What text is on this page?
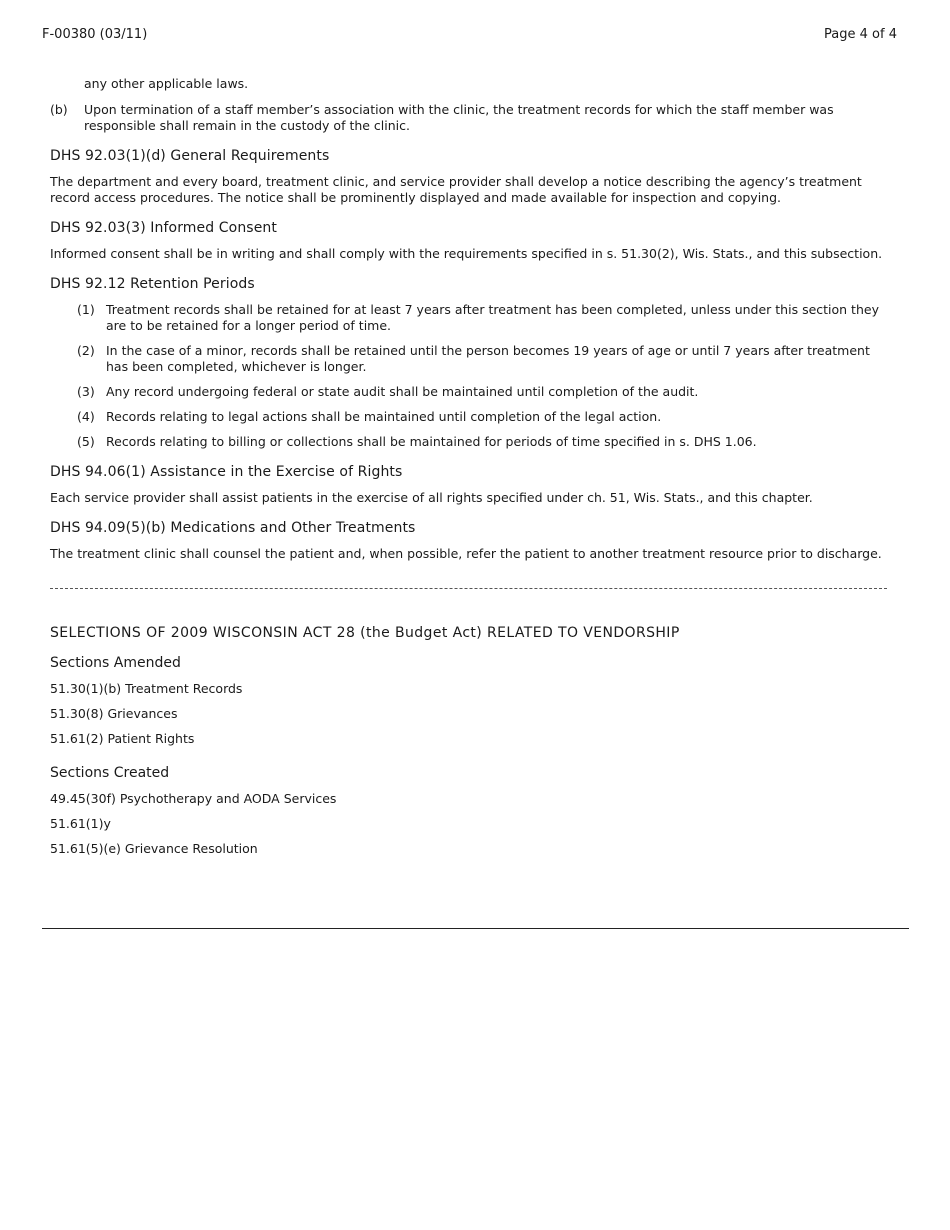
F-00380 (03/11)	Page 4 of 4

any other applicable laws.

(b)	Upon termination of a staff member’s association with the clinic, the treatment records for which the staff member was responsible shall remain in the custody of the clinic.
DHS 92.03(1)(d) General Requirements

The department and every board, treatment clinic, and service provider shall develop a notice describing the agency’s treatment record access procedures. The notice shall be prominently displayed and made available for inspection and copying.

DHS 92.03(3) Informed Consent

Informed consent shall be in writing and shall comply with the requirements specified in s. 51.30(2), Wis. Stats., and this subsection.

DHS 92.12 Retention Periods
(1) Treatment records shall be retained for at least 7 years after treatment has been completed, unless under this section they are to be retained for a longer period of time.
(2) In the case of a minor, records shall be retained until the person becomes 19 years of age or until 7 years after treatment has been completed, whichever is longer.
(3) Any record undergoing federal or state audit shall be maintained until completion of the audit.
(4) Records relating to legal actions shall be maintained until completion of the legal action.
(5) Records relating to billing or collections shall be maintained for periods of time specified in s. DHS 1.06.
DHS 94.06(1) Assistance in the Exercise of Rights

Each service provider shall assist patients in the exercise of all rights specified under ch. 51, Wis. Stats., and this chapter.

DHS 94.09(5)(b) Medications and Other Treatments

The treatment clinic shall counsel the patient and, when possible, refer the patient to another treatment resource prior to discharge.

SELECTIONS OF 2009 WISCONSIN ACT 28 (the Budget Act) RELATED TO VENDORSHIP
Sections Amended
51.30(1)(b) Treatment Records
51.30(8) Grievances
51.61(2) Patient Rights
Sections Created
49.45(30f) Psychotherapy and AODA Services
51.61(1)y
51.61(5)(e) Grievance Resolution
